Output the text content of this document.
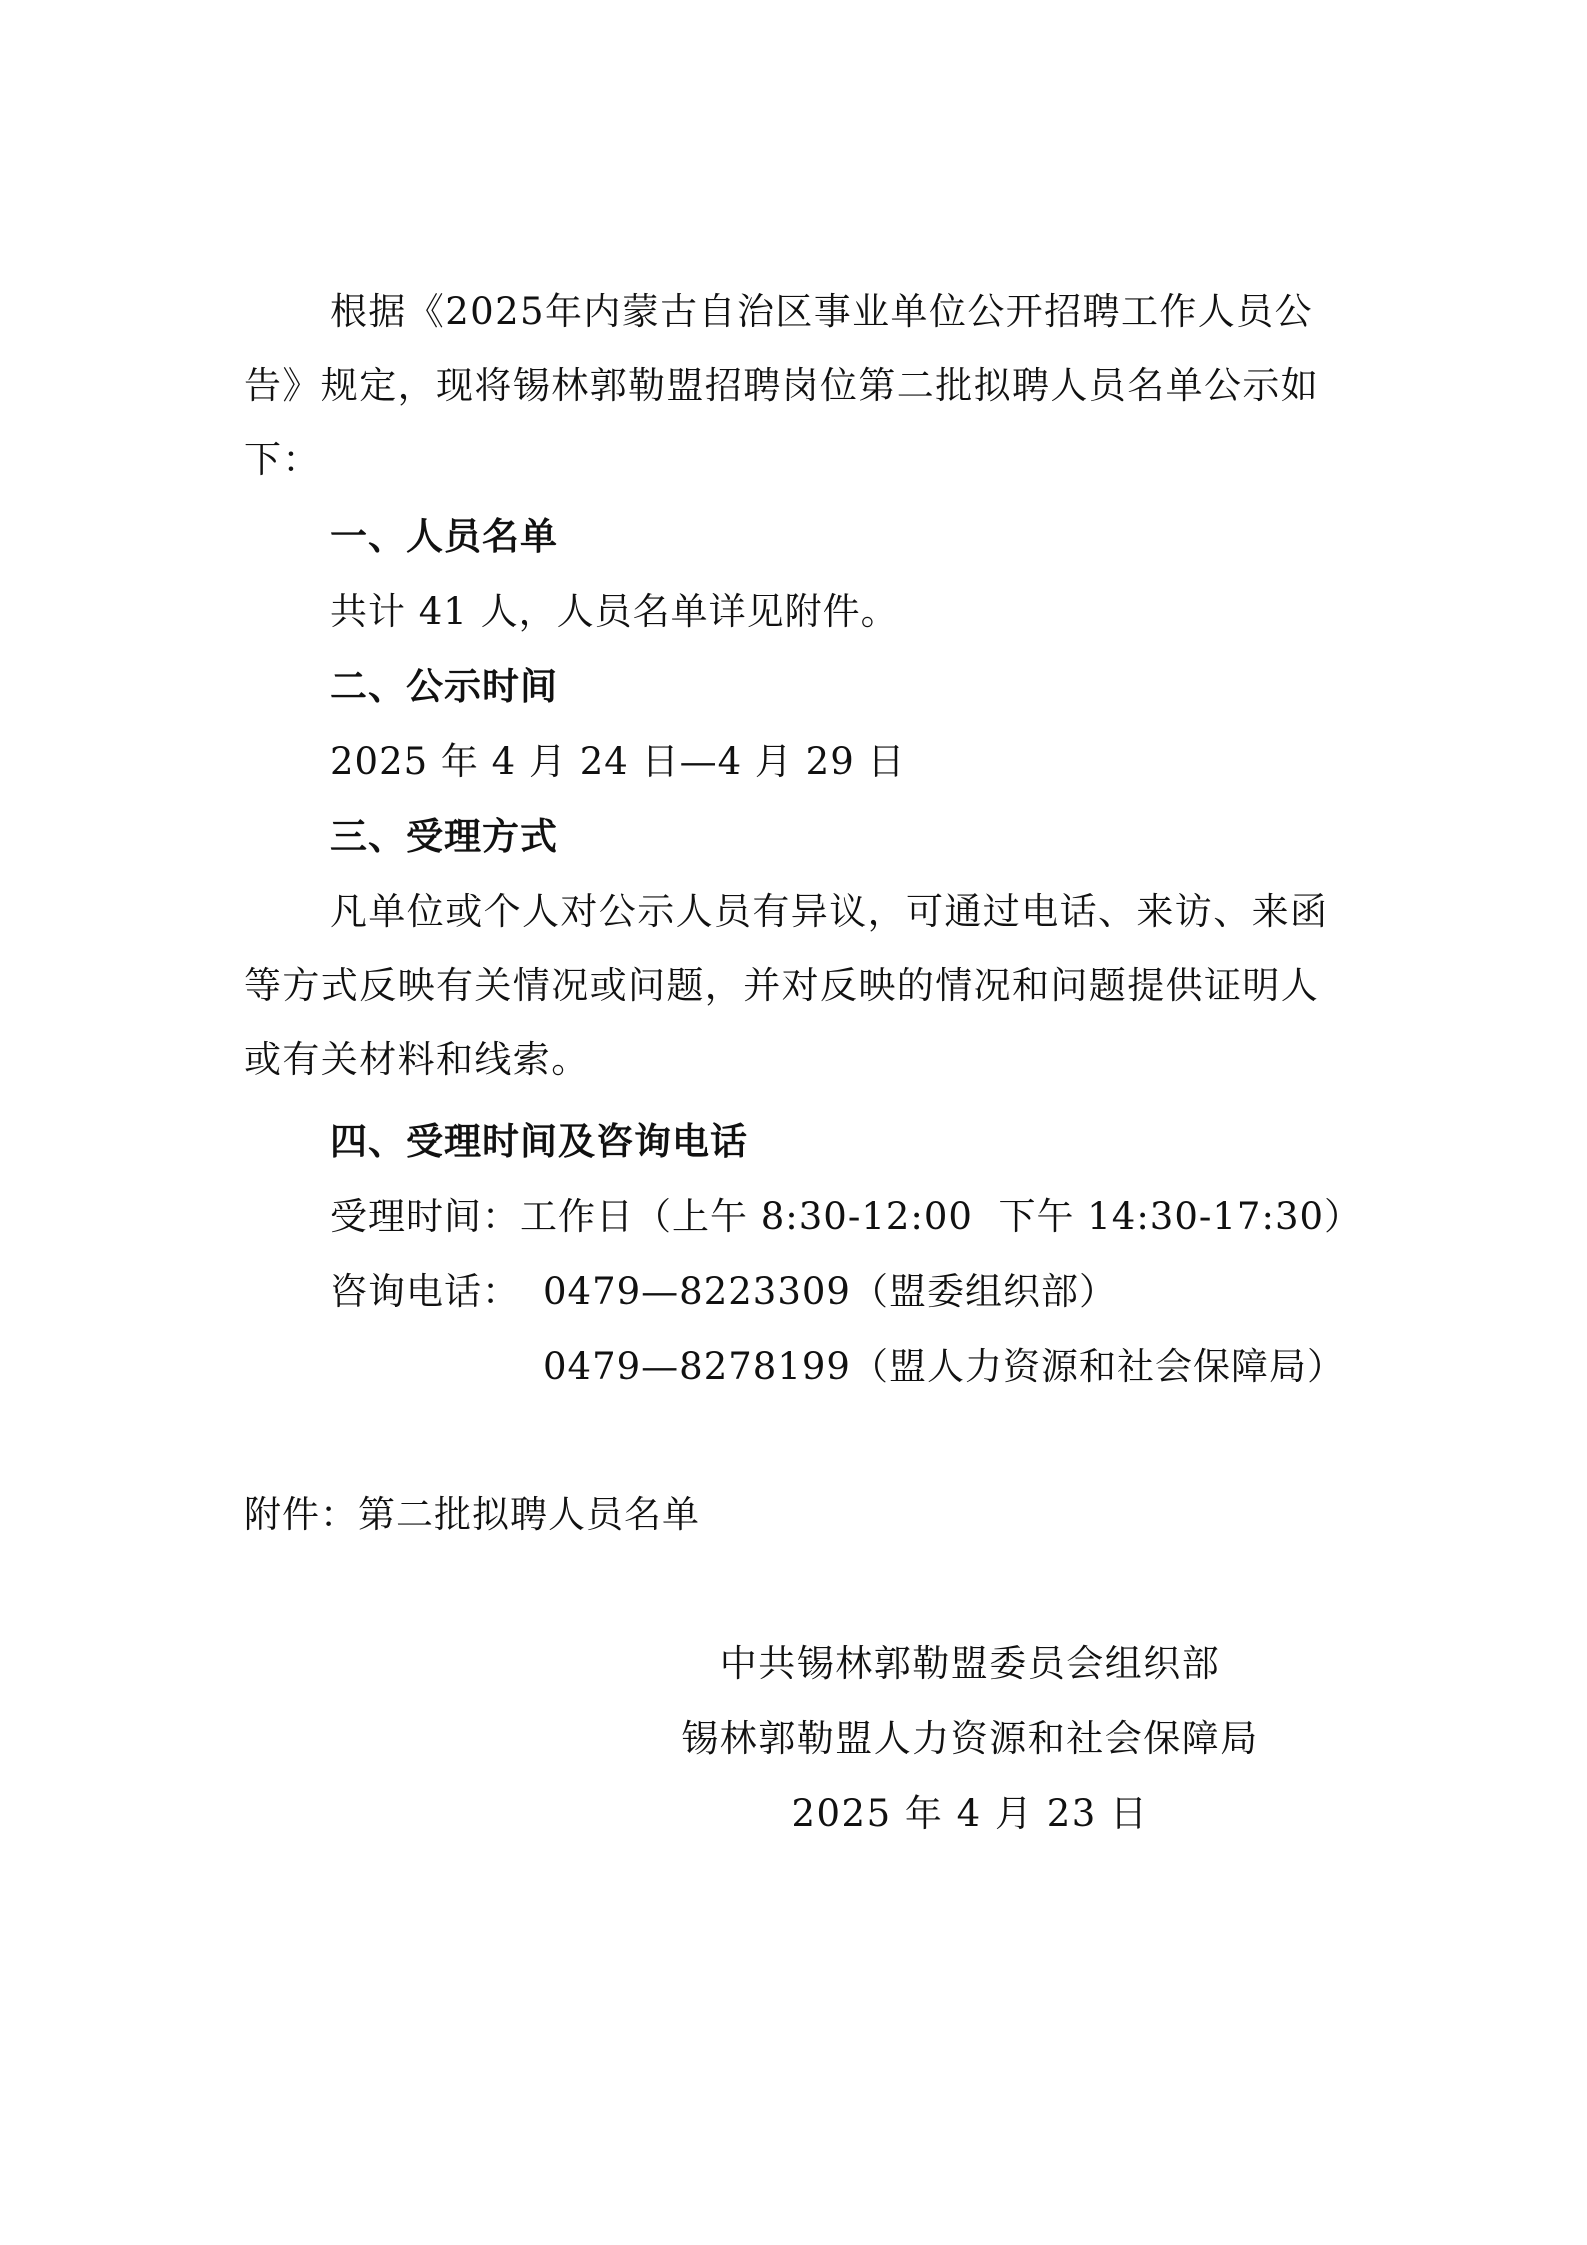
根据《2025年内蒙古自治区事业单位公开招聘工作人员公告》规定，现将锡林郭勒盟招聘岗位第二批拟聘人员名单公示如下：
一、人员名单
共计 41 人，人员名单详见附件。
二、公示时间
2025 年 4 月 24 日—4 月 29 日
三、受理方式
凡单位或个人对公示人员有异议，可通过电话、来访、来函等方式反映有关情况或问题，并对反映的情况和问题提供证明人或有关材料和线索。
四、受理时间及咨询电话
受理时间：工作日（上午 8:30-12:00  下午 14:30-17:30）
咨询电话： 0479—8223309（盟委组织部）
0479—8278199（盟人力资源和社会保障局）
附件：第二批拟聘人员名单
中共锡林郭勒盟委员会组织部
锡林郭勒盟人力资源和社会保障局
2025 年 4 月 23 日
